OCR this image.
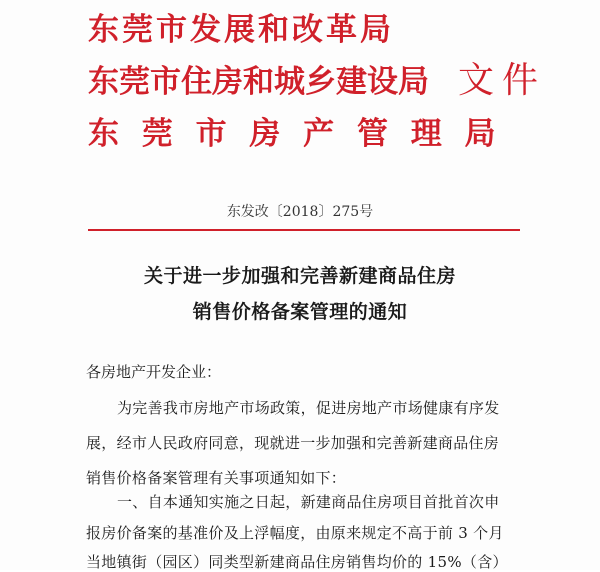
东莞市发展和改革局
东莞市住房和城乡建设局
东 莞 市 房 产 管 理 局
文件
东发改〔2018〕275号
关于进一步加强和完善新建商品住房
销售价格备案管理的通知
各房地产开发企业：
为完善我市房地产市场政策，促进房地产市场健康有序发
展，经市人民政府同意，现就进一步加强和完善新建商品住房
销售价格备案管理有关事项通知如下：
一、自本通知实施之日起，新建商品住房项目首批首次申
报房价备案的基准价及上浮幅度，由原来规定不高于前 3 个月
当地镇街（园区）同类型新建商品住房销售均价的 15%（含）
